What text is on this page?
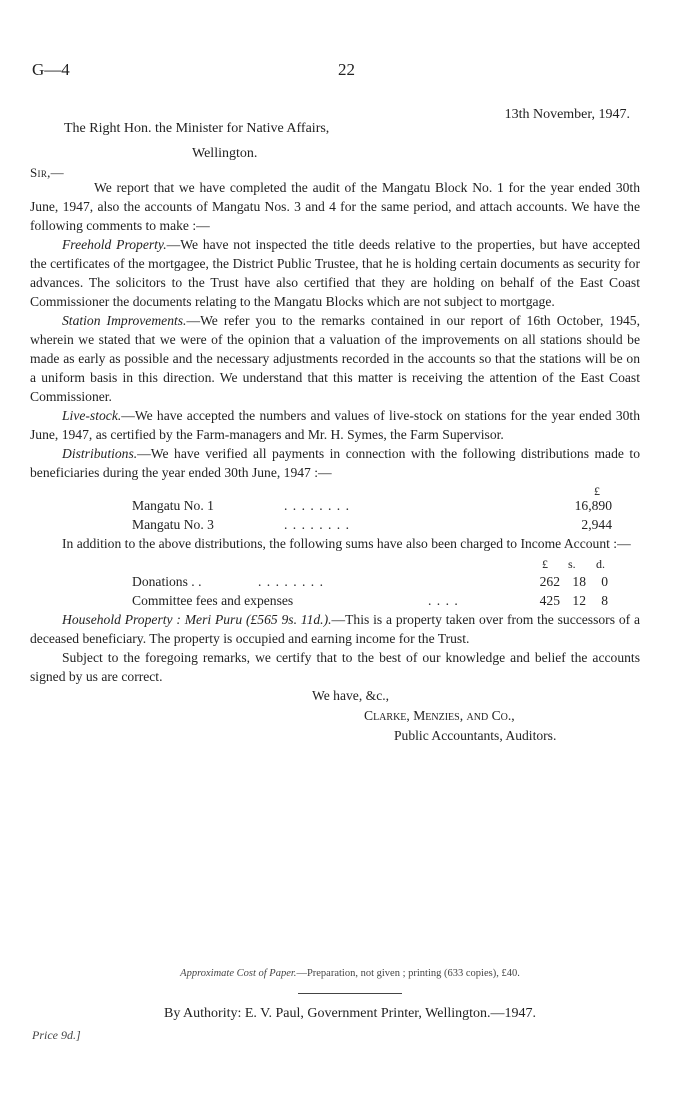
G—4	22
13th November, 1947.
The Right Hon. the Minister for Native Affairs,
Wellington.
Sir,—

We report that we have completed the audit of the Mangatu Block No. 1 for the year ended 30th June, 1947, also the accounts of Mangatu Nos. 3 and 4 for the same period, and attach accounts. We have the following comments to make :—

Freehold Property.—We have not inspected the title deeds relative to the properties, but have accepted the certificates of the mortgagee, the District Public Trustee, that he is holding certain documents as security for advances. The solicitors to the Trust have also certified that they are holding on behalf of the East Coast Commissioner the documents relating to the Mangatu Blocks which are not subject to mortgage.

Station Improvements.—We refer you to the remarks contained in our report of 16th October, 1945, wherein we stated that we were of the opinion that a valuation of the improvements on all stations should be made as early as possible and the necessary adjustments recorded in the accounts so that the stations will be on a uniform basis in this direction. We understand that this matter is receiving the attention of the East Coast Commissioner.

Live-stock.—We have accepted the numbers and values of live-stock on stations for the year ended 30th June, 1947, as certified by the Farm-managers and Mr. H. Symes, the Farm Supervisor.

Distributions.—We have verified all payments in connection with the following distributions made to beneficiaries during the year ended 30th June, 1947 :—

£
Mangatu No. 1	. . . . . . . .	16,890
Mangatu No. 3	. . . . . . . .	2,944

In addition to the above distributions, the following sums have also been charged to Income Account :—

£ s. d.
Donations . .	. . . . . . . .	262 18	0
Committee fees and expenses	. . . .	425 12	8

Household Property : Meri Puru (£565 9s. 11d.).—This is a property taken over from the successors of a deceased beneficiary. The property is occupied and earning income for the Trust.

Subject to the foregoing remarks, we certify that to the best of our knowledge and belief the accounts signed by us are correct.

We have, &c.,
Clarke, Menzies, and Co.,
Public Accountants, Auditors.
Approximate Cost of Paper.—Preparation, not given ; printing (633 copies), £40.
By Authority: E. V. Paul, Government Printer, Wellington.—1947.
Price 9d.]
